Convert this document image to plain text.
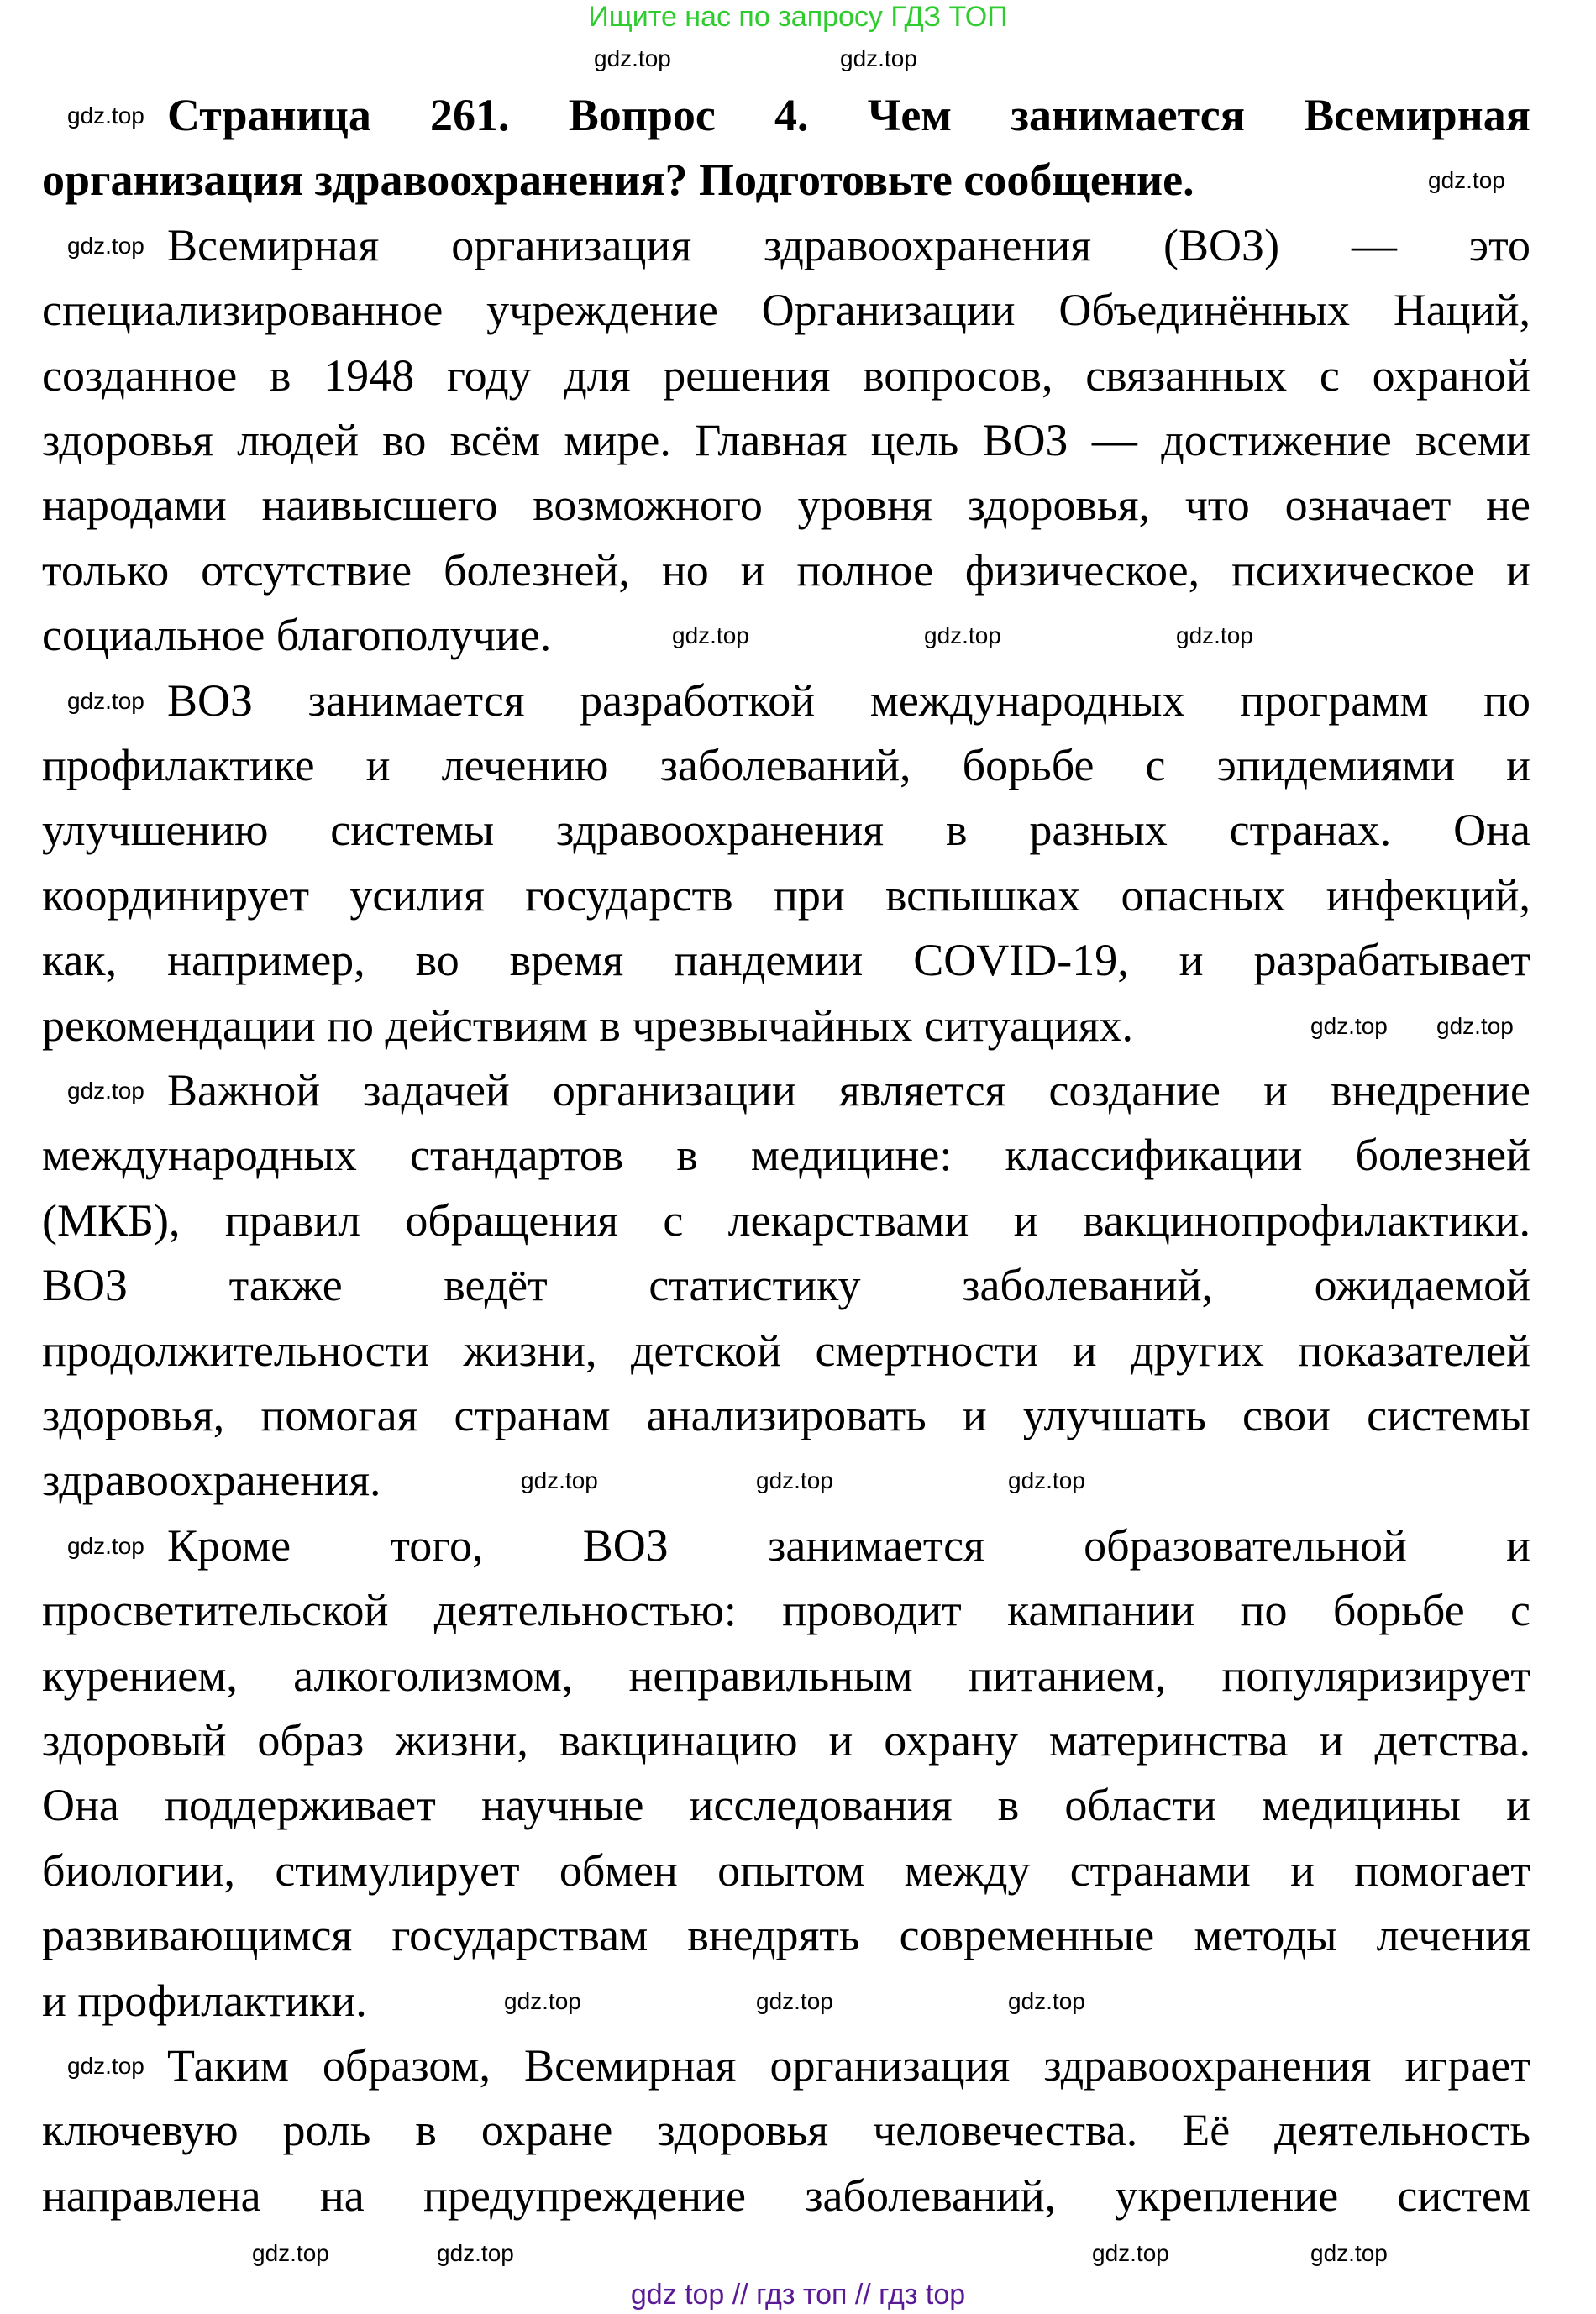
Ищите нас по запросу ГДЗ ТОП
Страница 261. Вопрос 4. Чем занимается Всемирная
организация здравоохранения? Подготовьте сообщение.
Всемирная организация здравоохранения (ВОЗ) — это
специализированное учреждение Организации Объединённых Наций,
созданное в 1948 году для решения вопросов, связанных с охраной
здоровья людей во всём мире. Главная цель ВОЗ — достижение всеми
народами наивысшего возможного уровня здоровья, что означает не
только отсутствие болезней, но и полное физическое, психическое и
социальное благополучие.
ВОЗ занимается разработкой международных программ по
профилактике и лечению заболеваний, борьбе с эпидемиями и
улучшению системы здравоохранения в разных странах. Она
координирует усилия государств при вспышках опасных инфекций,
как, например, во время пандемии COVID-19, и разрабатывает
рекомендации по действиям в чрезвычайных ситуациях.
Важной задачей организации является создание и внедрение
международных стандартов в медицине: классификации болезней
(МКБ), правил обращения с лекарствами и вакцинопрофилактики.
ВОЗ также ведёт статистику заболеваний, ожидаемой
продолжительности жизни, детской смертности и других показателей
здоровья, помогая странам анализировать и улучшать свои системы
здравоохранения.
Кроме того, ВОЗ занимается образовательной и
просветительской деятельностью: проводит кампании по борьбе с
курением, алкоголизмом, неправильным питанием, популяризирует
здоровый образ жизни, вакцинацию и охрану материнства и детства.
Она поддерживает научные исследования в области медицины и
биологии, стимулирует обмен опытом между странами и помогает
развивающимся государствам внедрять современные методы лечения
и профилактики.
Таким образом, Всемирная организация здравоохранения играет
ключевую роль в охране здоровья человечества. Её деятельность
направлена на предупреждение заболеваний, укрепление систем
gdz top // гдз топ // гдз top
gdz.top	gdz.top
gdz.top
gdz.top
gdz.top
gdz.top	gdz.top	gdz.top
gdz.top
gdz.top gdz.top
gdz.top
gdz.top	gdz.top	gdz.top
gdz.top
gdz.top	gdz.top	gdz.top
gdz.top
gdz.top	gdz.top	gdz.top	gdz.top
